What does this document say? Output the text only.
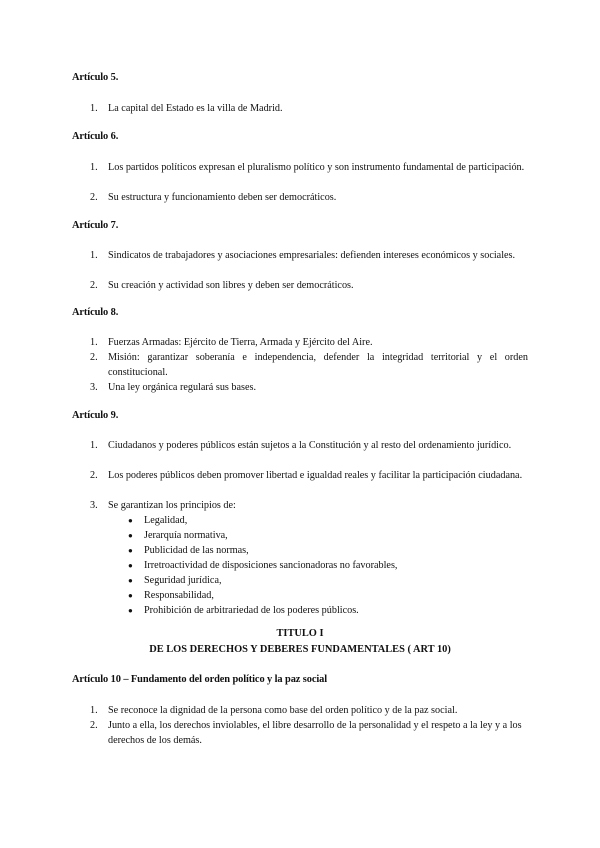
Artículo 5.
1.	La capital del Estado es la villa de Madrid.
Artículo 6.
1.	Los partidos políticos expresan el pluralismo político y son instrumento fundamental de participación.
2.	Su estructura y funcionamiento deben ser democráticos.
Artículo 7.
1.	Sindicatos de trabajadores y asociaciones empresariales: defienden intereses económicos y sociales.
2.	Su creación y actividad son libres y deben ser democráticos.
Artículo 8.
1.	Fuerzas Armadas: Ejército de Tierra, Armada y Ejército del Aire.
2.	Misión: garantizar soberanía e independencia, defender la integridad territorial y el orden constitucional.
3.	Una ley orgánica regulará sus bases.
Artículo 9.
1.	Ciudadanos y poderes públicos están sujetos a la Constitución y al resto del ordenamiento jurídico.
2.	Los poderes públicos deben promover libertad e igualdad reales y facilitar la participación ciudadana.
3.	Se garantizan los principios de:
● Legalidad,
● Jerarquía normativa,
● Publicidad de las normas,
● Irretroactividad de disposiciones sancionadoras no favorables,
● Seguridad jurídica,
● Responsabilidad,
● Prohibición de arbitrariedad de los poderes públicos.
TITULO I
DE LOS DERECHOS Y DEBERES FUNDAMENTALES ( ART 10)
Artículo 10 – Fundamento del orden político y la paz social
1.	Se reconoce la dignidad de la persona como base del orden político y de la paz social.
2.	Junto a ella, los derechos inviolables, el libre desarrollo de la personalidad y el respeto a la ley y a los derechos de los demás.
